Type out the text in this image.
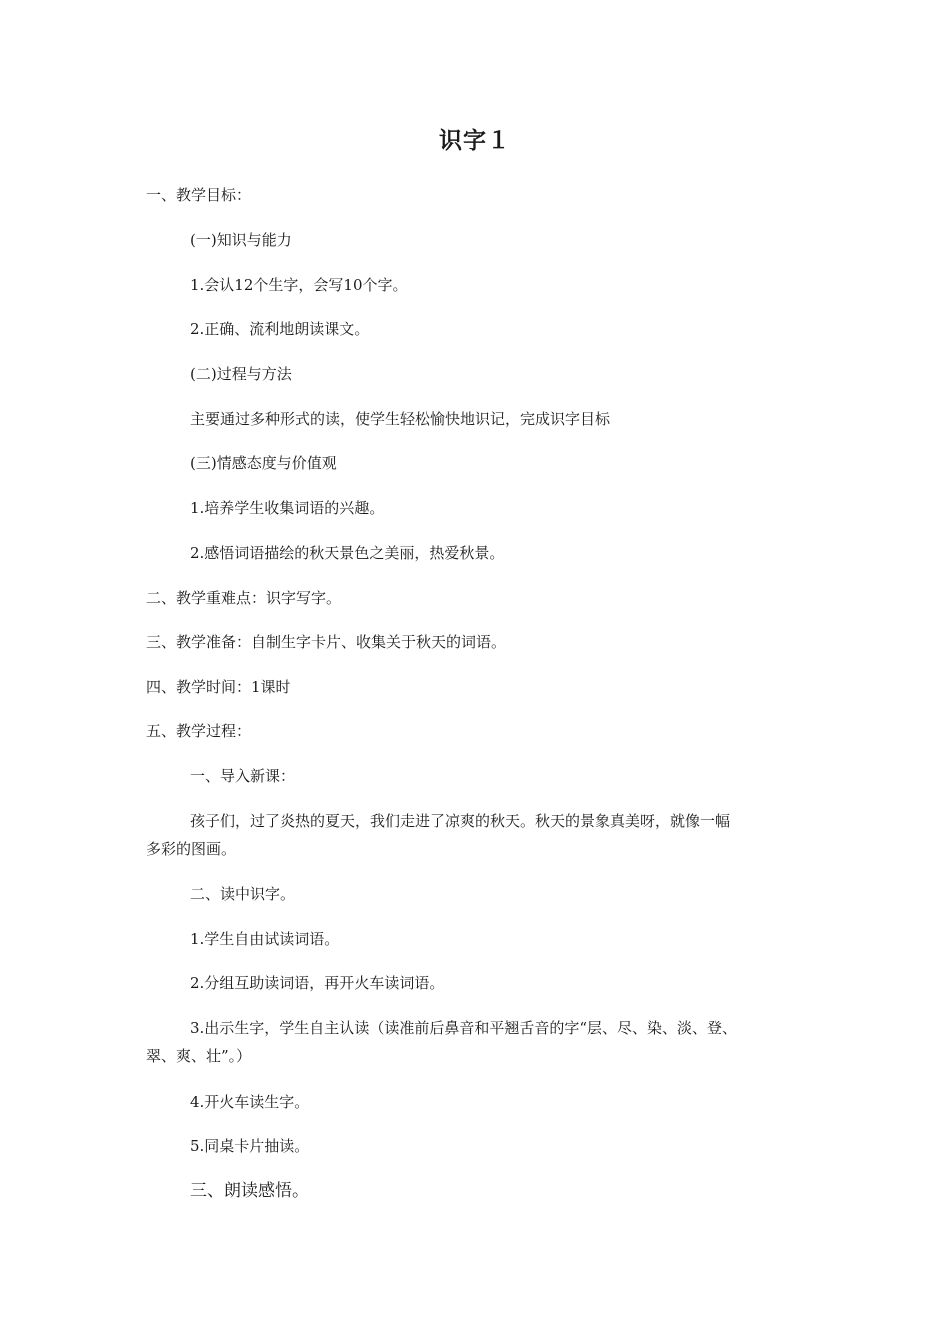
识字１
一、教学目标：
(一)知识与能力
1.会认12个生字，会写10个字。
2.正确、流利地朗读课文。
(二)过程与方法
主要通过多种形式的读，使学生轻松愉快地识记，完成识字目标
(三)情感态度与价值观
1.培养学生收集词语的兴趣。
2.感悟词语描绘的秋天景色之美丽，热爱秋景。
二、教学重难点：识字写字。
三、教学准备：自制生字卡片、收集关于秋天的词语。
四、教学时间：1课时
五、教学过程：
一、导入新课：
孩子们，过了炎热的夏天，我们走进了凉爽的秋天。秋天的景象真美呀，就像一幅
多彩的图画。
二、读中识字。
1.学生自由试读词语。
2.分组互助读词语，再开火车读词语。
3.出示生字，学生自主认读（读准前后鼻音和平翘舌音的字“层、尽、染、淡、登、
翠、爽、壮”。）
4.开火车读生字。
5.同桌卡片抽读。
三、朗读感悟。
